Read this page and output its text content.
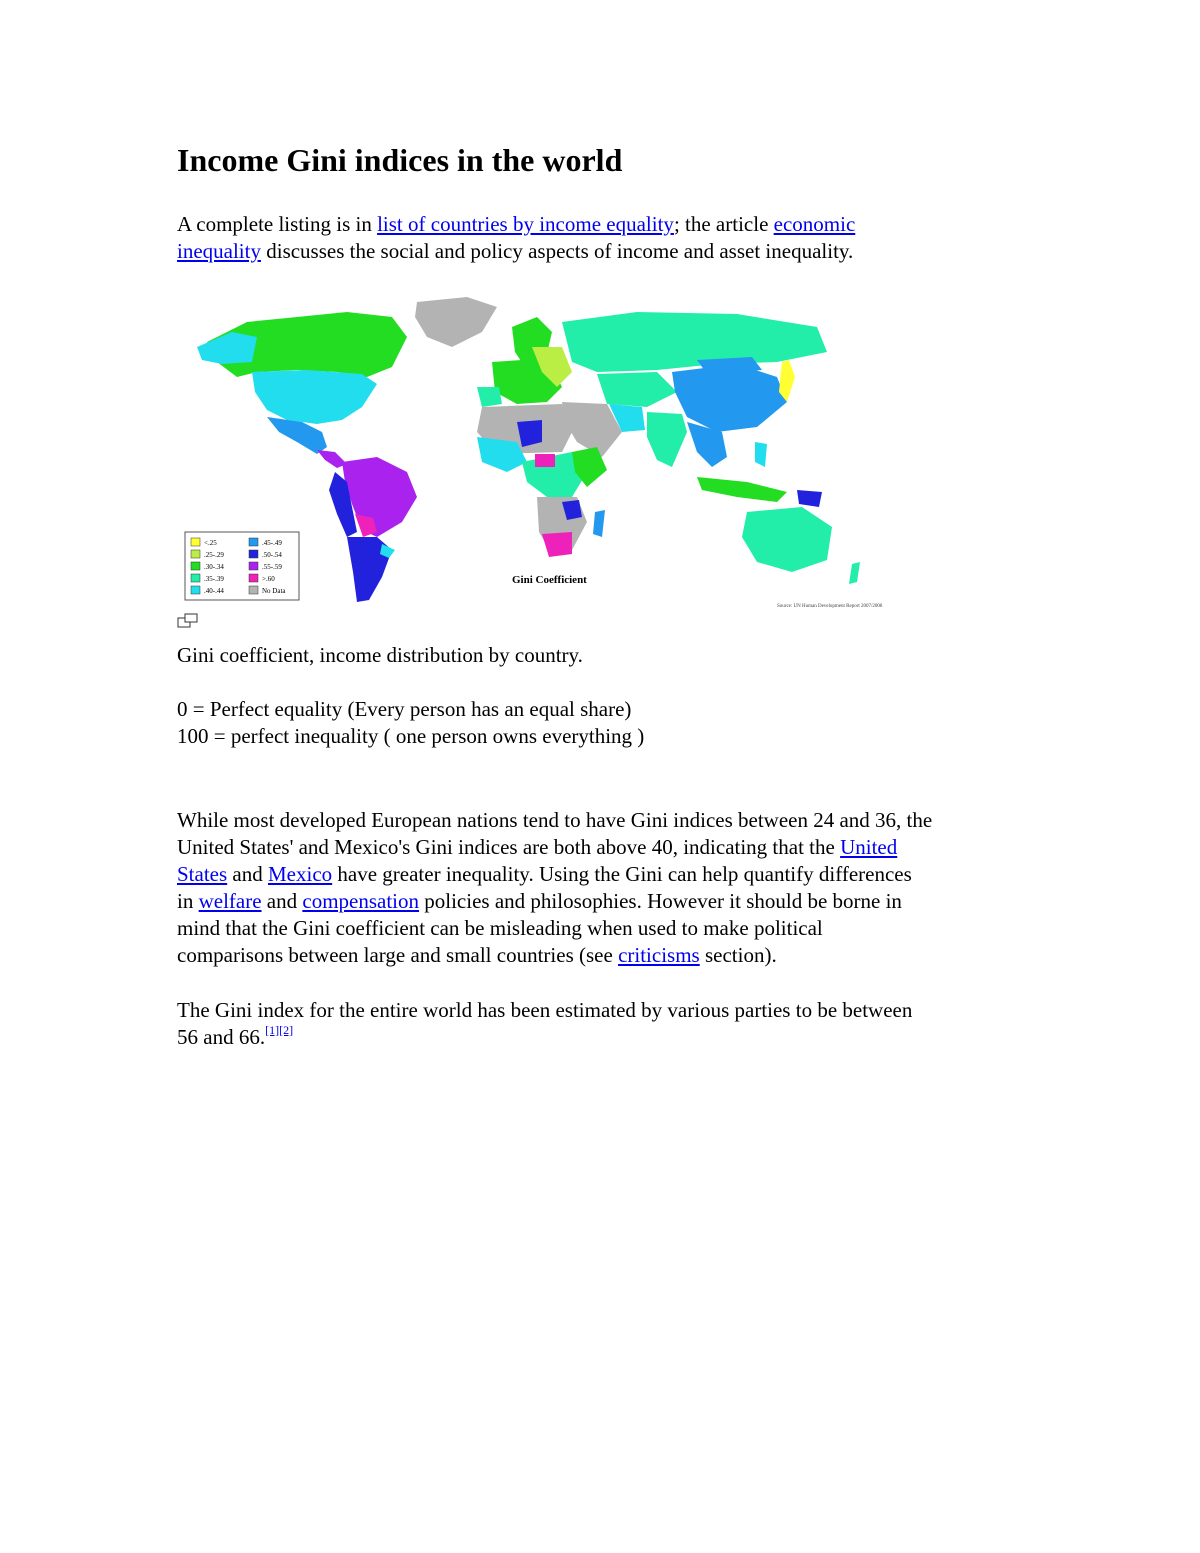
Income Gini indices in the world

A complete listing is in list of countries by income equality; the article economic

inequality discusses the social and policy aspects of income and asset inequality.

<.25
.25-.29
.30-.34
.35-.39
.40-.44
.45-.49
.50-.54
.55-.59
>.60
No Data
Gini Coefficient
Source: UN Human Development Report 2007/2008

Gini coefficient, income distribution by country.

0 = Perfect equality (Every person has an equal share)

100 = perfect inequality ( one person owns everything )

While most developed European nations tend to have Gini indices between 24 and 36, the

United States' and Mexico's Gini indices are both above 40, indicating that the United

States and Mexico have greater inequality. Using the Gini can help quantify differences

in welfare and compensation policies and philosophies. However it should be borne in

mind that the Gini coefficient can be misleading when used to make political

comparisons between large and small countries (see criticisms section).

The Gini index for the entire world has been estimated by various parties to be between

56 and 66.[1][2]
